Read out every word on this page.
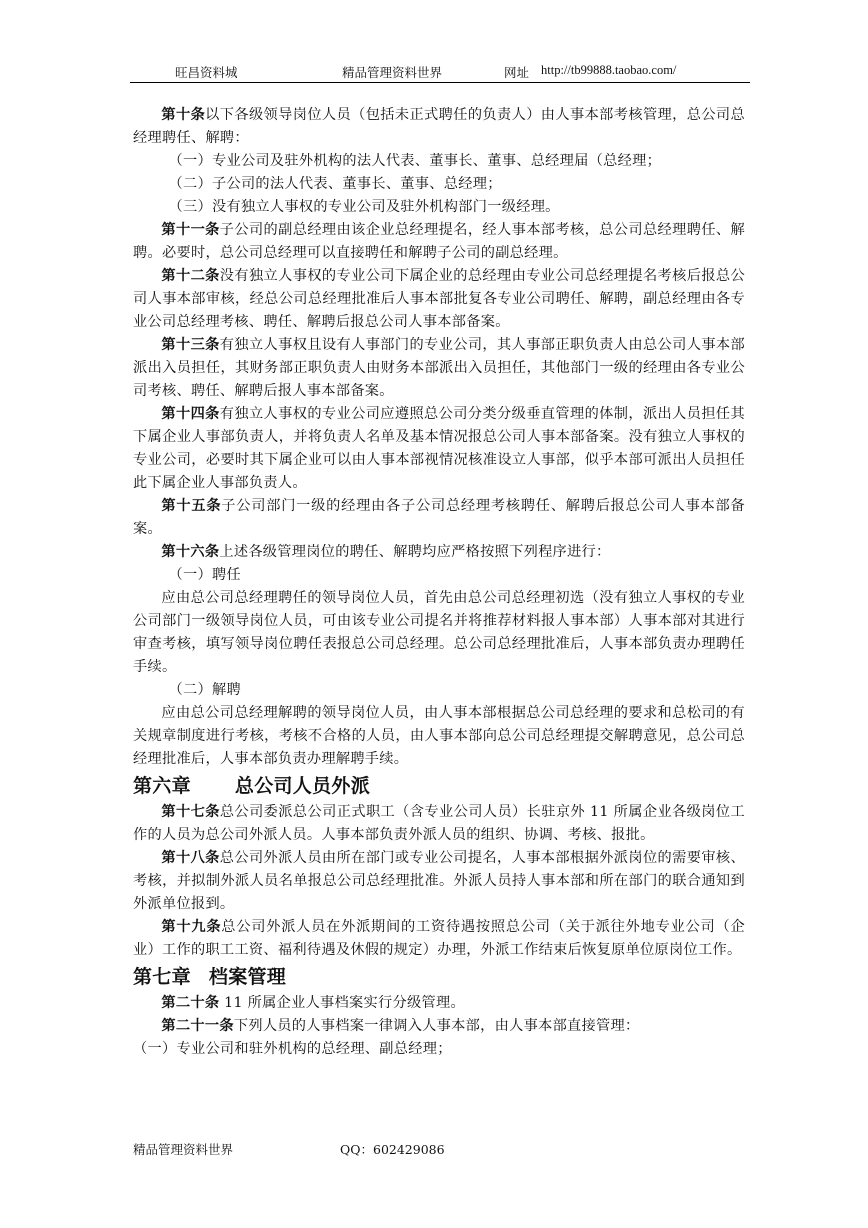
旺昌资料城	精品管理资料世界	网址 http://tb99888.taobao.com/

第十条以下各级领导岗位人员（包括未正式聘任的负责人）由人事本部考核管理，总公司总经理聘任、解聘：

（一）专业公司及驻外机构的法人代表、董事长、董事、总经理届（总经理；

（二）子公司的法人代表、董事长、董事、总经理；

（三）没有独立人事权的专业公司及驻外机构部门一级经理。

第十一条子公司的副总经理由该企业总经理提名，经人事本部考核，总公司总经理聘任、解聘。必要时，总公司总经理可以直接聘任和解聘子公司的副总经理。

第十二条没有独立人事权的专业公司下属企业的总经理由专业公司总经理提名考核后报总公司人事本部审核，经总公司总经理批准后人事本部批复各专业公司聘任、解聘，副总经理由各专业公司总经理考核、聘任、解聘后报总公司人事本部备案。

第十三条有独立人事权且设有人事部门的专业公司，其人事部正职负责人由总公司人事本部派出入员担任，其财务部正职负责人由财务本部派出入员担任，其他部门一级的经理由各专业公司考核、聘任、解聘后报人事本部备案。

第十四条有独立人事权的专业公司应遵照总公司分类分级垂直管理的体制，派出人员担任其下属企业人事部负责人，并将负责人名单及基本情况报总公司人事本部备案。没有独立人事权的专业公司，必要时其下属企业可以由人事本部视情况核准设立人事部，似乎本部可派出人员担任此下属企业人事部负责人。

第十五条子公司部门一级的经理由各子公司总经理考核聘任、解聘后报总公司人事本部备案。

第十六条上述各级管理岗位的聘任、解聘均应严格按照下列程序进行：

（一）聘任

应由总公司总经理聘任的领导岗位人员，首先由总公司总经理初选（没有独立人事权的专业公司部门一级领导岗位人员，可由该专业公司提名并将推荐材料报人事本部）人事本部对其进行审查考核，填写领导岗位聘任表报总公司总经理。总公司总经理批准后，人事本部负责办理聘任手续。

（二）解聘

应由总公司总经理解聘的领导岗位人员，由人事本部根据总公司总经理的要求和总松司的有关规章制度进行考核，考核不合格的人员，由人事本部向总公司总经理提交解聘意见，总公司总经理批准后，人事本部负责办理解聘手续。

第六章 总公司人员外派

第十七条总公司委派总公司正式职工（含专业公司人员）长驻京外 11 所属企业各级岗位工作的人员为总公司外派人员。人事本部负责外派人员的组织、协调、考核、报批。

第十八条总公司外派人员由所在部门或专业公司提名，人事本部根据外派岗位的需要审核、考核，并拟制外派人员名单报总公司总经理批准。外派人员持人事本部和所在部门的联合通知到外派单位报到。

第十九条总公司外派人员在外派期间的工资待遇按照总公司（关于派往外地专业公司（企业）工作的职工工资、福利待遇及休假的规定）办理，外派工作结束后恢复原单位原岗位工作。

第七章 档案管理

第二十条 11 所属企业人事档案实行分级管理。

第二十一条下列人员的人事档案一律调入人事本部，由人事本部直接管理：

（一）专业公司和驻外机构的总经理、副总经理；

精品管理资料世界	QQ：602429086
